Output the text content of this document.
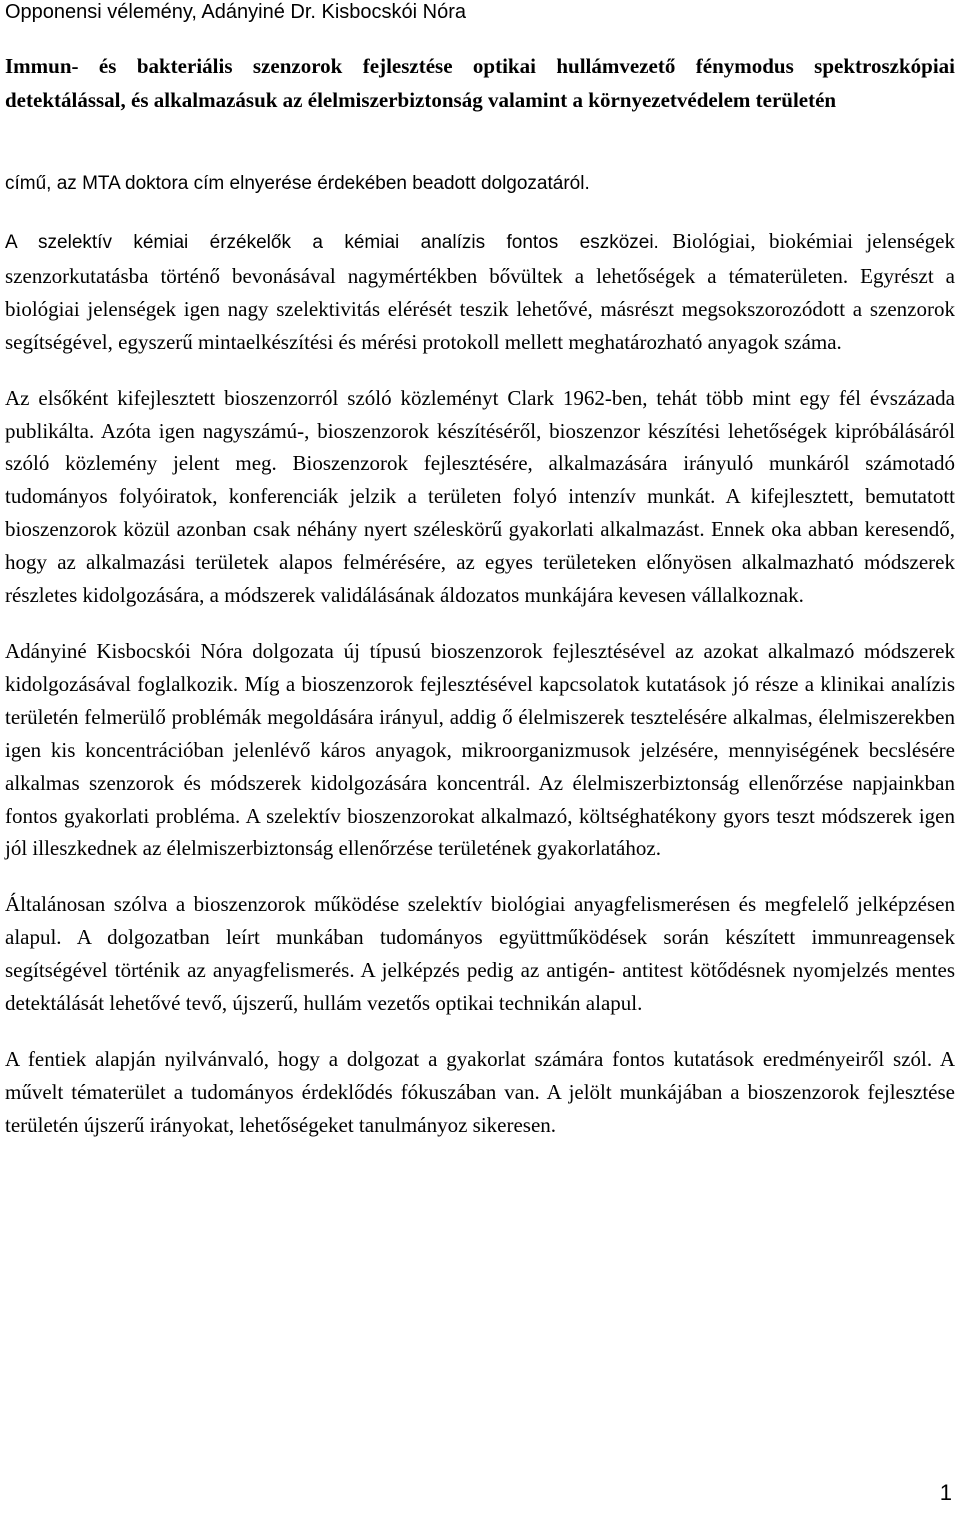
Opponensi vélemény, Adányiné Dr. Kisbocskói Nóra
Immun- és bakteriális szenzorok fejlesztése optikai hullámvezető fénymodus spektroszkópiai detektálással, és alkalmazásuk az élelmiszerbiztonság valamint a környezetvédelem területén
című, az MTA doktora cím elnyerése érdekében beadott dolgozatáról.

A szelektív kémiai érzékelők a kémiai analízis fontos eszközei. Biológiai, biokémiai jelenségek szenzorkutatásba történő bevonásával nagymértékben bővültek a lehetőségek a tématerületen. Egyrészt a biológiai jelenségek igen nagy szelektivitás elérését teszik lehetővé, másrészt megsokszorozódott a szenzorok segítségével, egyszerű mintaelkészítési és mérési protokoll mellett meghatározható anyagok száma.

Az elsőként kifejlesztett bioszenzorról szóló közleményt Clark 1962-ben, tehát több mint egy fél évszázada publikálta. Azóta igen nagyszámú-, bioszenzorok készítéséről, bioszenzor készítési lehetőségek kipróbálásáról szóló közlemény jelent meg. Bioszenzorok fejlesztésére, alkalmazására irányuló munkáról számotadó tudományos folyóiratok, konferenciák jelzik a területen folyó intenzív munkát. A kifejlesztett, bemutatott bioszenzorok közül azonban csak néhány nyert széleskörű gyakorlati alkalmazást. Ennek oka abban keresendő, hogy az alkalmazási területek alapos felmérésére, az egyes területeken előnyösen alkalmazható módszerek részletes kidolgozására, a módszerek validálásának áldozatos munkájára kevesen vállalkoznak.

Adányiné Kisbocskói Nóra dolgozata új típusú bioszenzorok fejlesztésével az azokat alkalmazó módszerek kidolgozásával foglalkozik. Míg a bioszenzorok fejlesztésével kapcsolatok kutatások jó része a klinikai analízis területén felmerülő problémák megoldására irányul, addig ő élelmiszerek tesztelésére alkalmas, élelmiszerekben igen kis koncentrációban jelenlévő káros anyagok, mikroorganizmusok jelzésére, mennyiségének becslésére alkalmas szenzorok és módszerek kidolgozására koncentrál. Az élelmiszerbiztonság ellenőrzése napjainkban fontos gyakorlati probléma. A szelektív bioszenzorokat alkalmazó, költséghatékony gyors teszt módszerek igen jól illeszkednek az élelmiszerbiztonság ellenőrzése területének gyakorlatához.

Általánosan szólva a bioszenzorok működése szelektív biológiai anyagfelismerésen és megfelelő jelképzésen alapul. A dolgozatban leírt munkában tudományos együttműködések során készített immunreagensek segítségével történik az anyagfelismerés. A jelképzés pedig az antigén- antitest kötődésnek nyomjelzés mentes detektálását lehetővé tevő, újszerű, hullám vezetős optikai technikán alapul.

A fentiek alapján nyilvánvaló, hogy a dolgozat a gyakorlat számára fontos kutatások eredményeiről szól. A művelt tématerület a tudományos érdeklődés fókuszában van. A jelölt munkájában a bioszenzorok fejlesztése területén újszerű irányokat, lehetőségeket tanulmányoz sikeresen.

1
